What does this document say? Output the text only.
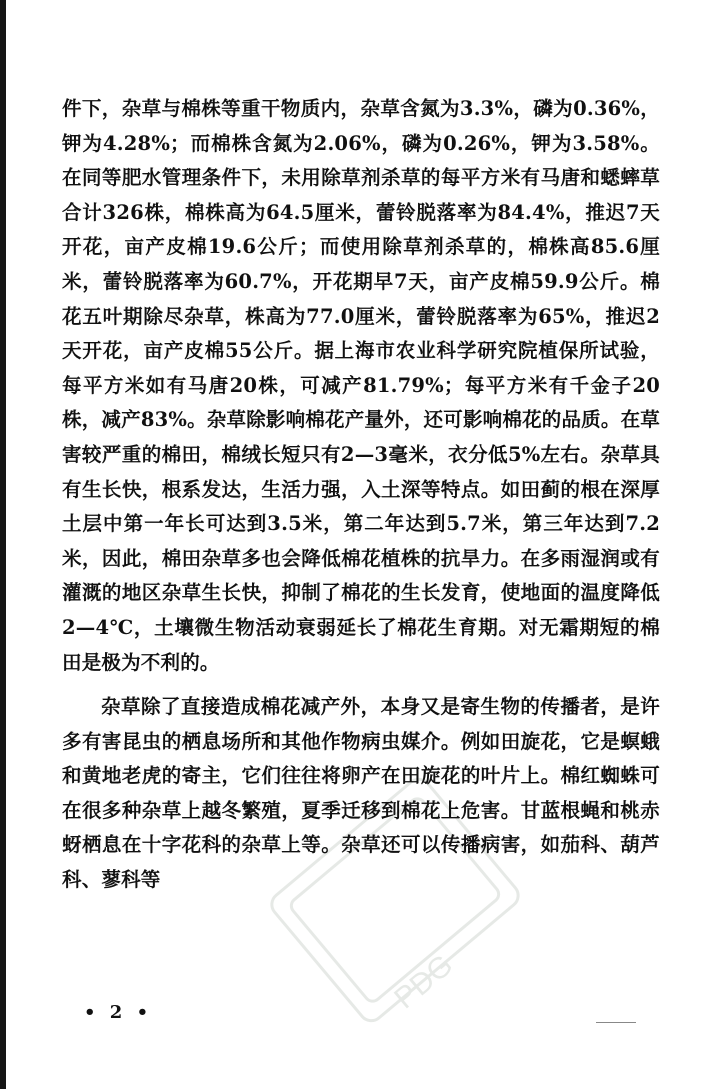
PDG

件下，杂草与棉株等重干物质内，杂草含氮为3.3%，磷为0.36%，钾为4.28%；而棉株含氮为2.06%，磷为0.26%，钾为3.58%。在同等肥水管理条件下，未用除草剂杀草的每平方米有马唐和蟋蟀草合计326株，棉株高为64.5厘米，蕾铃脱落率为84.4%，推迟7天开花，亩产皮棉19.6公斤；而使用除草剂杀草的，棉株高85.6厘米，蕾铃脱落率为60.7%，开花期早7天，亩产皮棉59.9公斤。棉花五叶期除尽杂草，株高为77.0厘米，蕾铃脱落率为65%，推迟2天开花，亩产皮棉55公斤。据上海市农业科学研究院植保所试验，每平方米如有马唐20株，可减产81.79%；每平方米有千金子20株，减产83%。杂草除影响棉花产量外，还可影响棉花的品质。在草害较严重的棉田，棉绒长短只有2—3毫米，衣分低5%左右。杂草具有生长快，根系发达，生活力强，入土深等特点。如田蓟的根在深厚土层中第一年长可达到3.5米，第二年达到5.7米，第三年达到7.2米，因此，棉田杂草多也会降低棉花植株的抗旱力。在多雨湿润或有灌溉的地区杂草生长快，抑制了棉花的生长发育，使地面的温度降低2—4℃，土壤微生物活动衰弱延长了棉花生育期。对无霜期短的棉田是极为不利的。

杂草除了直接造成棉花减产外，本身又是寄生物的传播者，是许多有害昆虫的栖息场所和其他作物病虫媒介。例如田旋花，它是螟蛾和黄地老虎的寄主，它们往往将卵产在田旋花的叶片上。棉红蜘蛛可在很多种杂草上越冬繁殖，夏季迁移到棉花上危害。甘蓝根蝇和桃赤蚜栖息在十字花科的杂草上等。杂草还可以传播病害，如茄科、葫芦科、蓼科等

• 2 •
